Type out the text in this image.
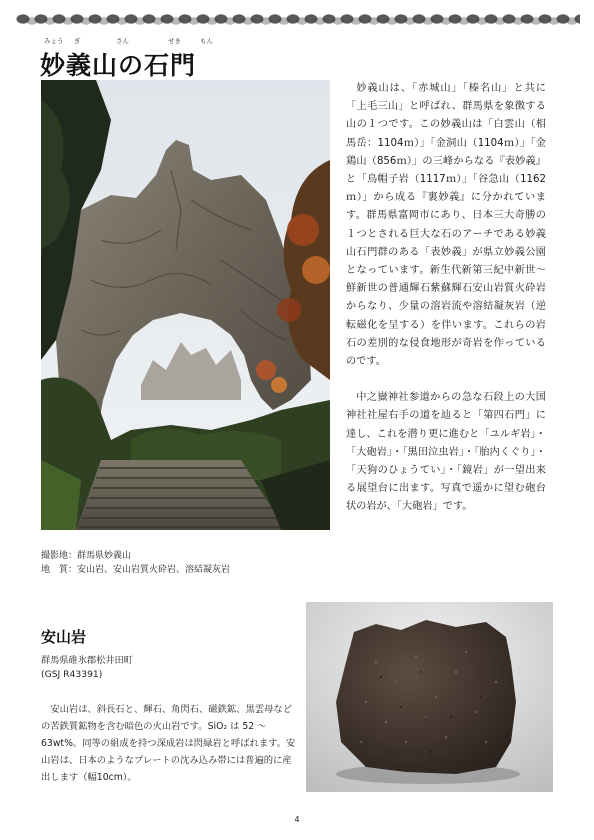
みょう ぎ	さん	せき	もん
妙義山の石門

妙義山は、「赤城山」「榛名山」と共に「上毛三山」と呼ばれ、群馬県を象徴する山の１つです。この妙義山は「白雲山（相馬岳：1104ｍ）」「金洞山（1104ｍ）」「金鶏山（856ｍ）」の三峰からなる『表妙義』と「鳥帽子岩（1117ｍ）」「谷急山（1162ｍ）」から成る『裏妙義』に分かれています。群馬県富岡市にあり、日本三大奇勝の１つとされる巨大な石のアーチである妙義山石門群のある「表妙義」が県立妙義公園となっています。新生代新第三紀中新世～鮮新世の普通輝石紫蘇輝石安山岩質火砕岩からなり、少量の溶岩流や溶結凝灰岩（逆転磁化を呈する）を伴います。これらの岩石の差別的な侵食地形が奇岩を作っているのです。

中之嶽神社参道からの急な石段上の大国神社社屋右手の道を辿ると「第四石門」に達し、これを潜り更に進むと「ユルギ岩」・「大砲岩」・「黒田泣虫岩」・「胎内くぐり」・「天狗のひょうてい」・「鏡岩」が一望出来る展望台に出ます。写真で遥かに望む砲台状の岩が、「大砲岩」です。

撮影地：群馬県妙義山
地　質：安山岩、安山岩質火砕岩、溶結凝灰岩
安山岩
群馬県碓氷郡松井田町
(GSJ R43391)

安山岩は、斜長石と、輝石、角閃石、磁鉄鉱、黒雲母などの苦鉄質鉱物を含む暗色の火山岩です。SiO₂ は 52 〜 63wt%。同等の組成を持つ深成岩は閃緑岩と呼ばれます。安山岩は、日本のようなプレートの沈み込み帯には普遍的に産出します（幅10cm）。

4
